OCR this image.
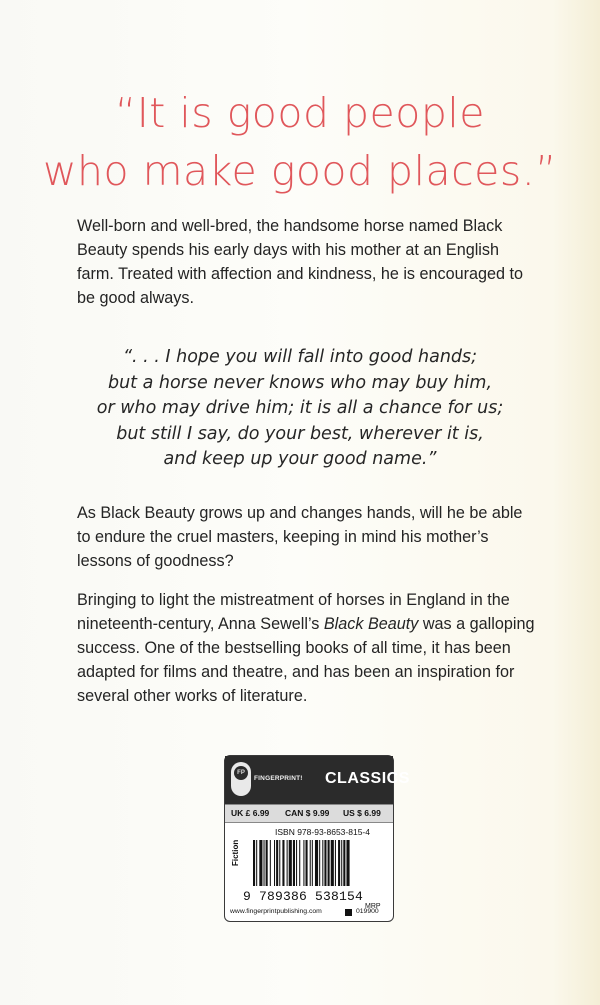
“It is good people
who make good places.”
Well-born and well-bred, the handsome horse named Black Beauty spends his early days with his mother at an English farm. Treated with affection and kindness, he is encouraged to be good always.
“. . . I hope you will fall into good hands;
but a horse never knows who may buy him,
or who may drive him; it is all a chance for us;
but still I say, do your best, wherever it is,
and keep up your good name.”
As Black Beauty grows up and changes hands, will he be able to endure the cruel masters, keeping in mind his mother’s lessons of goodness?
Bringing to light the mistreatment of horses in England in the nineteenth-century, Anna Sewell’s Black Beauty was a galloping success. One of the bestselling books of all time, it has been adapted for films and theatre, and has been an inspiration for several other works of literature.
FP
FINGERPRINT! CLASSICS
UK £ 6.99 CAN $ 9.99 US $ 6.99
ISBN 978-93-8653-815-4
Fiction
9 789386 538154
MRP
www.fingerprintpublishing.com	019900
